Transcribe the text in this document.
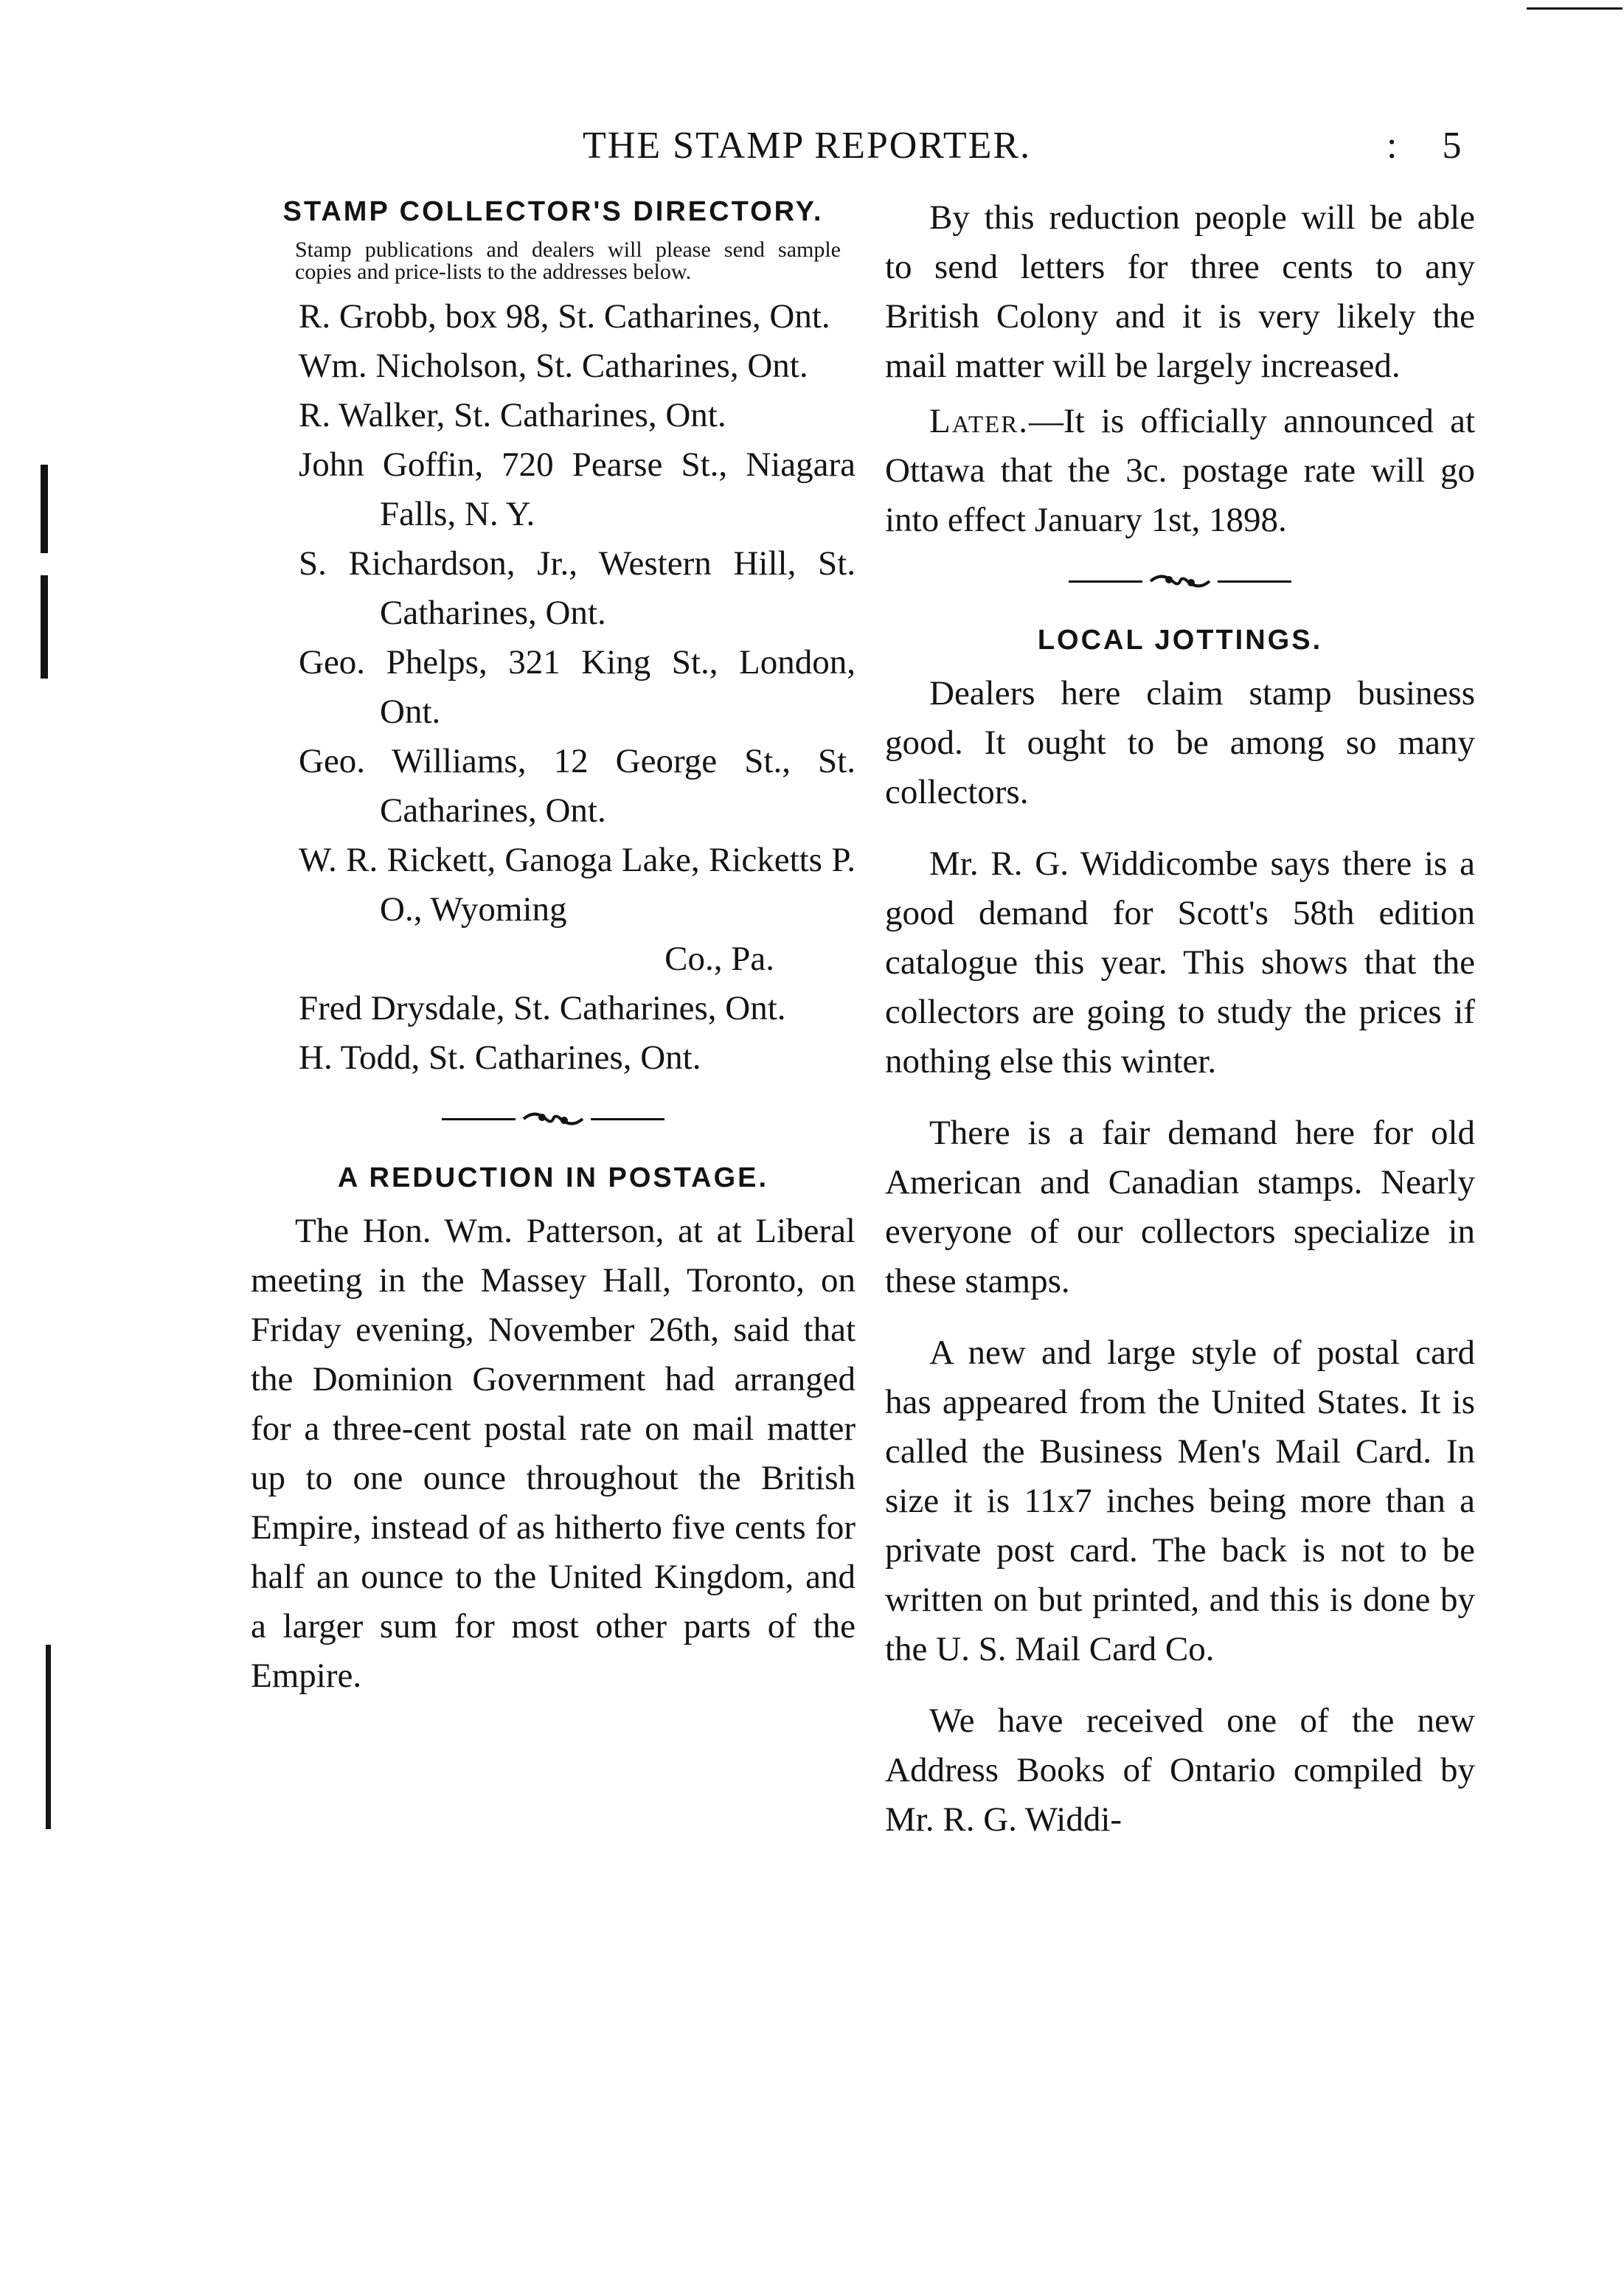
THE STAMP REPORTER.	: 5
STAMP COLLECTOR'S DIRECTORY.
Stamp publications and dealers will please send sample copies and price-lists to the addresses below.

R. Grobb, box 98, St. Catharines, Ont.

Wm. Nicholson, St. Catharines, Ont.

R. Walker, St. Catharines, Ont.

John Goffin, 720 Pearse St., Niagara Falls, N. Y.

S. Richardson, Jr., Western Hill, St. Catharines, Ont.

Geo. Phelps, 321 King St., London, Ont.

Geo. Williams, 12 George St., St. Catharines, Ont.

W. R. Rickett, Ganoga Lake, Ricketts P. O., Wyoming
Co., Pa.

Fred Drysdale, St. Catharines, Ont.

H. Todd, St. Catharines, Ont.

A REDUCTION IN POSTAGE.

The Hon. Wm. Patterson, at at Liberal meeting in the Massey Hall, Toronto, on Friday evening, November 26th, said that the Dominion Government had arranged for a three-cent postal rate on mail matter up to one ounce throughout the British Empire, instead of as hitherto five cents for half an ounce to the United Kingdom, and a larger sum for most other parts of the Empire.

By this reduction people will be able to send letters for three cents to any British Colony and it is very likely the mail matter will be largely increased.

Later.—It is officially announced at Ottawa that the 3c. postage rate will go into effect January 1st, 1898.

LOCAL JOTTINGS.

Dealers here claim stamp business good. It ought to be among so many collectors.

Mr. R. G. Widdicombe says there is a good demand for Scott's 58th edition catalogue this year. This shows that the collectors are going to study the prices if nothing else this winter.

There is a fair demand here for old American and Canadian stamps. Nearly everyone of our collectors specialize in these stamps.

A new and large style of postal card has appeared from the United States. It is called the Business Men's Mail Card. In size it is 11x7 inches being more than a private post card. The back is not to be written on but printed, and this is done by the U. S. Mail Card Co.

We have received one of the new Address Books of Ontario compiled by Mr. R. G. Widdi-
